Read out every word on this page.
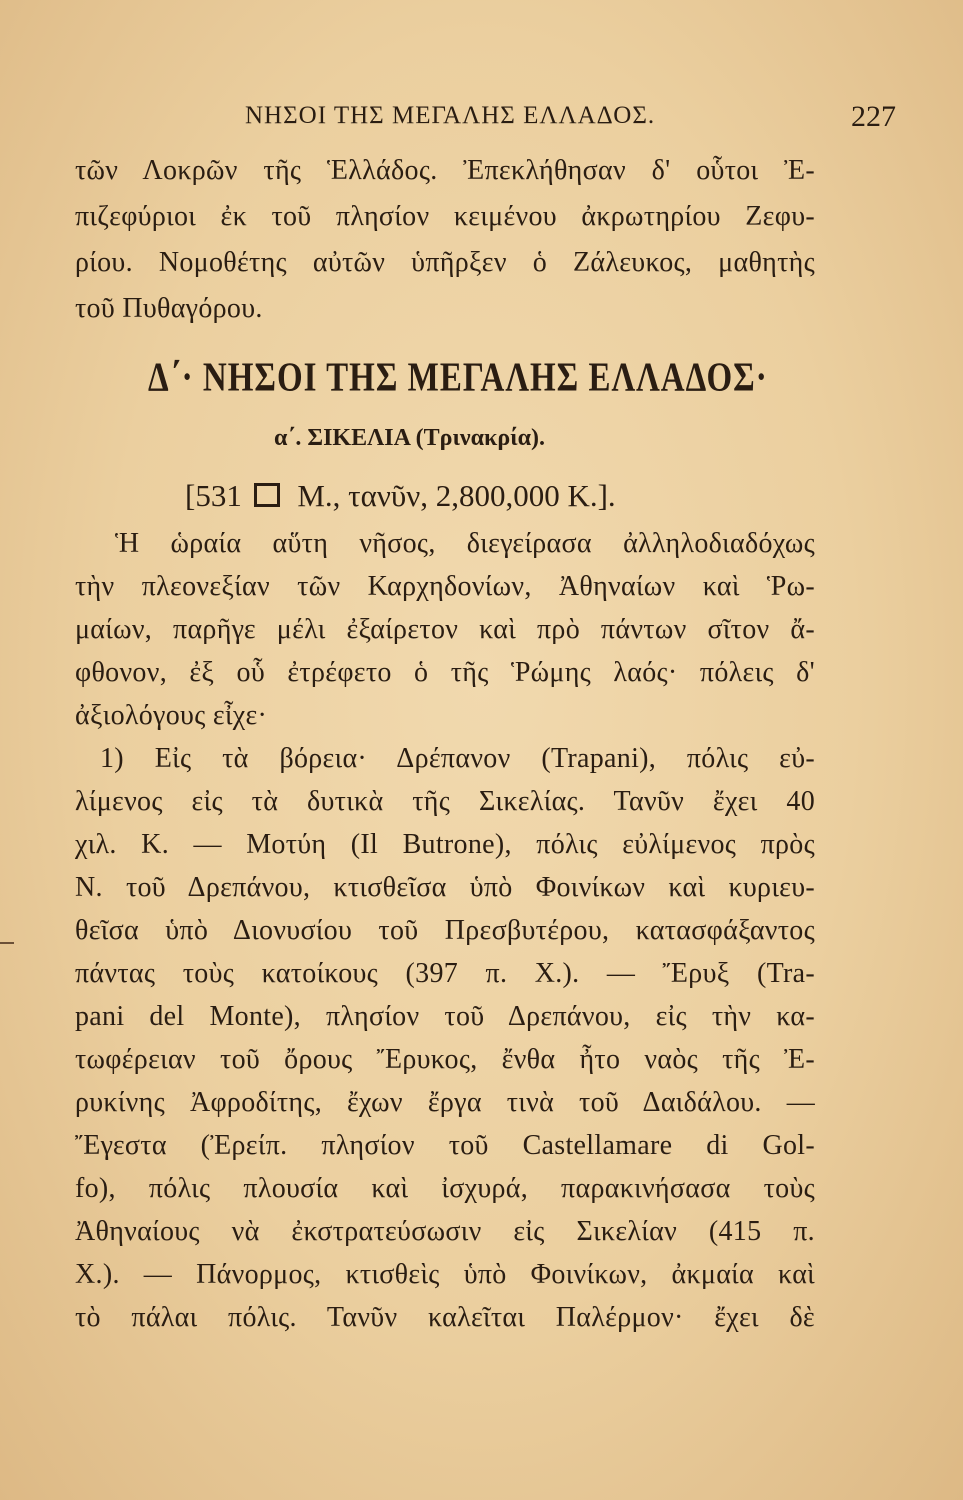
ΝΗΣΟΙ ΤΗΣ ΜΕΓΑΛΗΣ ΕΛΛΑΔΟΣ.	227
τῶν Λοκρῶν τῆς Ἑλλάδος. Ἐπεκλήθησαν δ' οὗτοι Ἐ-
πιζεφύριοι ἐκ τοῦ πλησίον κειμένου ἀκρωτηρίου Ζεφυ-
ρίου. Νομοθέτης αὐτῶν ὑπῆρξεν ὁ Ζάλευκος, μαθητὴς
τοῦ Πυθαγόρου.
Δ΄· ΝΗΣΟΙ ΤΗΣ ΜΕΓΑΛΗΣ ΕΛΛΑΔΟΣ·
α΄. ΣΙΚΕΛΙΑ (Τρινακρία).
[531 Μ., τανῦν, 2,800,000 Κ.].
Ἡ ὡραία αὕτη νῆσος, διεγείρασα ἀλληλοδιαδόχως
τὴν πλεονεξίαν τῶν Καρχηδονίων, Ἀθηναίων καὶ Ῥω-
μαίων, παρῆγε μέλι ἐξαίρετον καὶ πρὸ πάντων σῖτον ἄ-
φθονον, ἐξ οὗ ἐτρέφετο ὁ τῆς Ῥώμης λαός· πόλεις δ'
ἀξιολόγους εἶχε·
1) Εἰς τὰ βόρεια· Δρέπανον (Trapani), πόλις εὐ-
λίμενος εἰς τὰ δυτικὰ τῆς Σικελίας. Τανῦν ἔχει 40
χιλ. Κ. — Μοτύη (Il Butrone), πόλις εὐλίμενος πρὸς
Ν. τοῦ Δρεπάνου, κτισθεῖσα ὑπὸ Φοινίκων καὶ κυριευ-
θεῖσα ὑπὸ Διονυσίου τοῦ Πρεσβυτέρου, κατασφάξαντος
πάντας τοὺς κατοίκους (397 π. Χ.). — Ἔρυξ (Tra-
pani del Monte), πλησίον τοῦ Δρεπάνου, εἰς τὴν κα-
τωφέρειαν τοῦ ὄρους Ἔρυκος, ἔνθα ἦτο ναὸς τῆς Ἐ-
ρυκίνης Ἀφροδίτης, ἔχων ἔργα τινὰ τοῦ Δαιδάλου. —
Ἔγεστα (Ἐρείπ. πλησίον τοῦ Castellamare di Gol-
fo), πόλις πλουσία καὶ ἰσχυρά, παρακινήσασα τοὺς
Ἀθηναίους νὰ ἐκστρατεύσωσιν εἰς Σικελίαν (415 π.
Χ.). — Πάνορμος, κτισθεὶς ὑπὸ Φοινίκων, ἀκμαία καὶ
τὸ πάλαι πόλις. Τανῦν καλεῖται Παλέρμον· ἔχει δὲ
